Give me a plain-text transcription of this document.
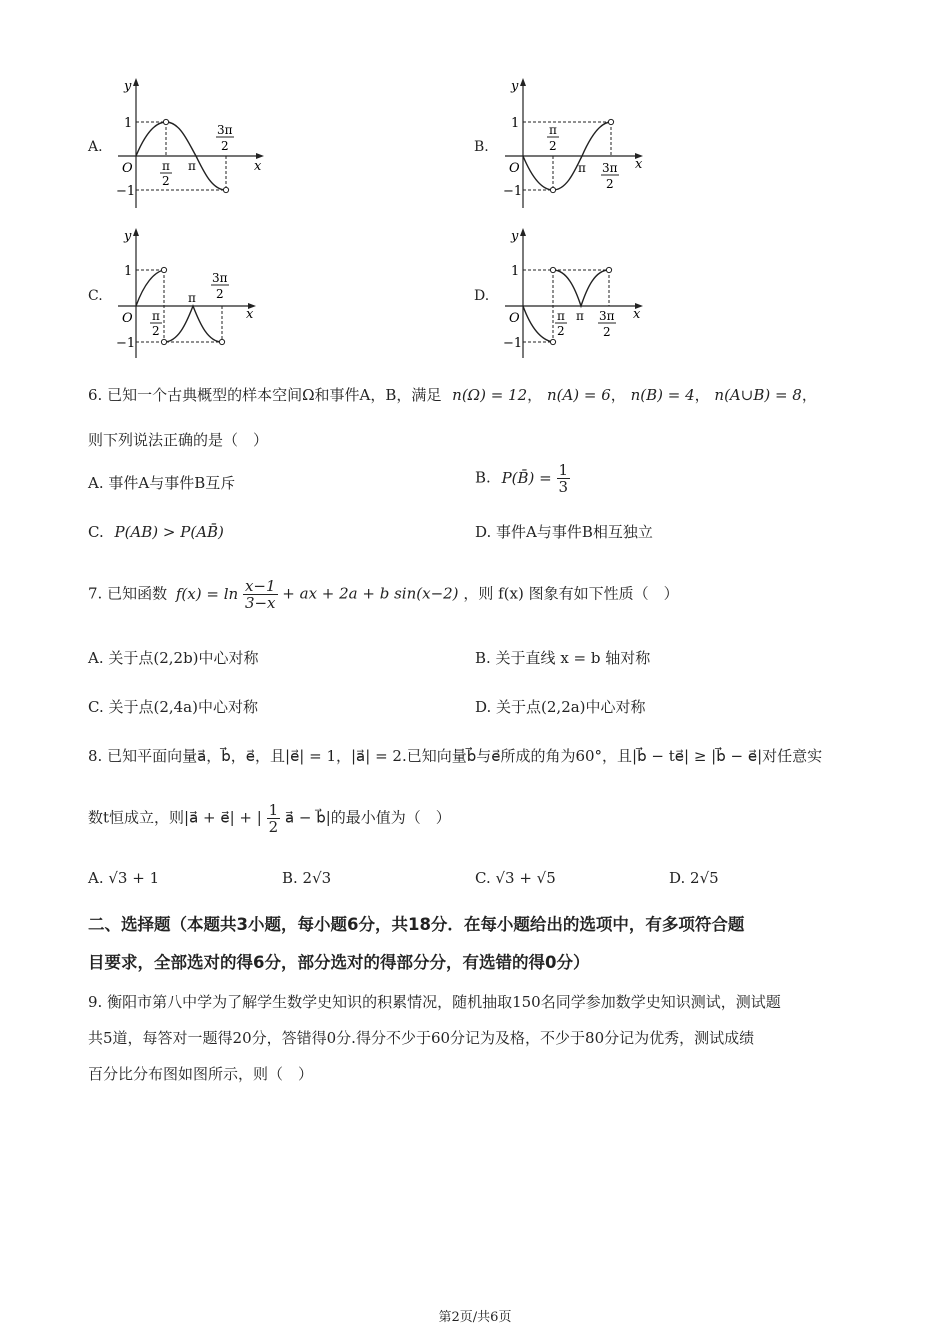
A.
y
x
O
1
−1
π
2
π
3π
2	B.
y
x
O
1
−1
π
2
π 3π
2
C.
y
x
O
1
−1
π
2
π
3π
2	D.
y
x
O
1
−1
π
2
π 3π
2
6. 已知一个古典概型的样本空间Ω和事件A，B，满足 n(Ω) = 12， n(A) = 6， n(B) = 4， n(A∪B) = 8，
则下列说法正确的是（　）
A. 事件A与事件B互斥	B. P(B̄) = $\frac{1}{3}$
C. P(AB) > P(AB̄)	D. 事件A与事件B相互独立
7. 已知函数 $f(x) = \ln \frac{x-1}{3-x}$ + ax + 2a + b sin(x−2) ，则 f(x) 图象有如下性质（　）
A. 关于点(2,2b)中心对称	B. 关于直线 x = b 轴对称
C. 关于点(2,4a)中心对称	D. 关于点(2,2a)中心对称
8. 已知平面向量a⃗，b⃗，e⃗，且|e⃗| = 1，|a⃗| = 2.已知向量b⃗与e⃗所成的角为60°，且|b⃗ − te⃗| ≥ |b⃗ − e⃗|对任意实
数t恒成立，则|a⃗ + e⃗| + | $\frac{1}{2}$ a⃗ − b⃗|的最小值为（　）
A. √3 + 1	B. 2√3	C. √3 + √5	D. 2√5
二、选择题（本题共3小题，每小题6分，共18分．在每小题给出的选项中，有多项符合题
目要求，全部选对的得6分，部分选对的得部分分，有选错的得0分）
9. 衡阳市第八中学为了解学生数学史知识的积累情况，随机抽取150名同学参加数学史知识测试，测试题
共5道，每答对一题得20分，答错得0分.得分不少于60分记为及格，不少于80分记为优秀，测试成绩
百分比分布图如图所示，则（　）
第2页/共6页
